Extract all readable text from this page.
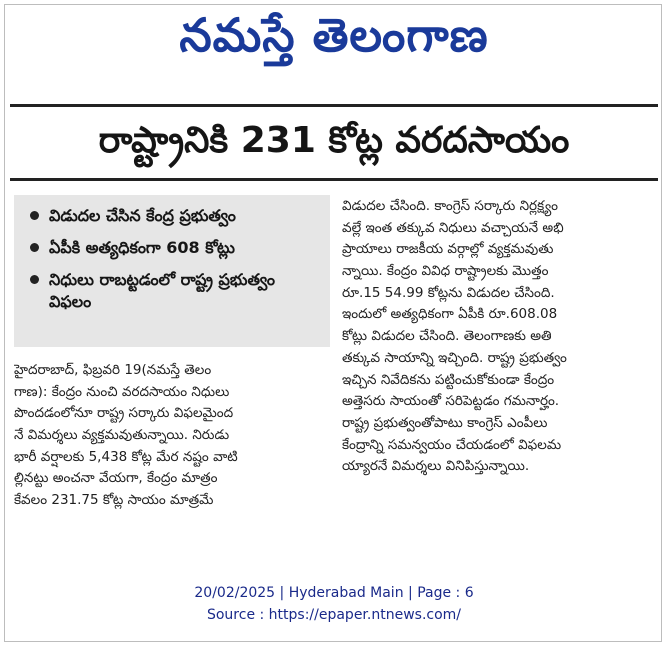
నమస్తే తెలంగాణ
రాష్ట్రానికి 231 కోట్ల వరదసాయం
విడుదల చేసిన కేంద్ర ప్రభుత్వం
ఏపీకి అత్యధికంగా 608 కోట్లు
నిధులు రాబట్టడంలో రాష్ట్ర ప్రభుత్వం విఫలం
హైదరాబాద్, ఫిబ్రవరి 19(నమస్తే తెలం
గాణ): కేంద్రం నుంచి వరదసాయం నిధులు
పొందడంలోనూ రాష్ట్ర సర్కారు విఫలమైంద
నే విమర్శలు వ్యక్తమవుతున్నాయి. నిరుడు
భారీ వర్షాలకు 5,438 కోట్ల మేర నష్టం వాటి
ల్లినట్టు అంచనా వేయగా, కేంద్రం మాత్రం
కేవలం 231.75 కోట్ల సాయం మాత్రమే
విడుదల చేసింది. కాంగ్రెస్ సర్కారు నిర్లక్ష్యం
వల్లే ఇంత తక్కువ నిధులు వచ్చాయనే అభి
ప్రాయాలు రాజకీయ వర్గాల్లో వ్యక్తమవుతు
న్నాయి. కేంద్రం వివిధ రాష్ట్రాలకు మొత్తం
రూ.15 54.99 కోట్లను విడుదల చేసింది.
ఇందులో అత్యధికంగా ఏపీకి రూ.608.08
కోట్లు విడుదల చేసింది. తెలంగాణకు అతి
తక్కువ సాయాన్ని ఇచ్చింది. రాష్ట్ర ప్రభుత్వం
ఇచ్చిన నివేదికను పట్టించుకోకుండా కేంద్రం
అత్తెసరు సాయంతో సరిపెట్టడం గమనార్హం.
రాష్ట్ర ప్రభుత్వంతోపాటు కాంగ్రెస్ ఎంపీలు
కేంద్రాన్ని సమన్వయం చేయడంలో విఫలమ
య్యారనే విమర్శలు వినిపిస్తున్నాయి.
20/02/2025 | Hyderabad Main | Page : 6
Source : https://epaper.ntnews.com/
